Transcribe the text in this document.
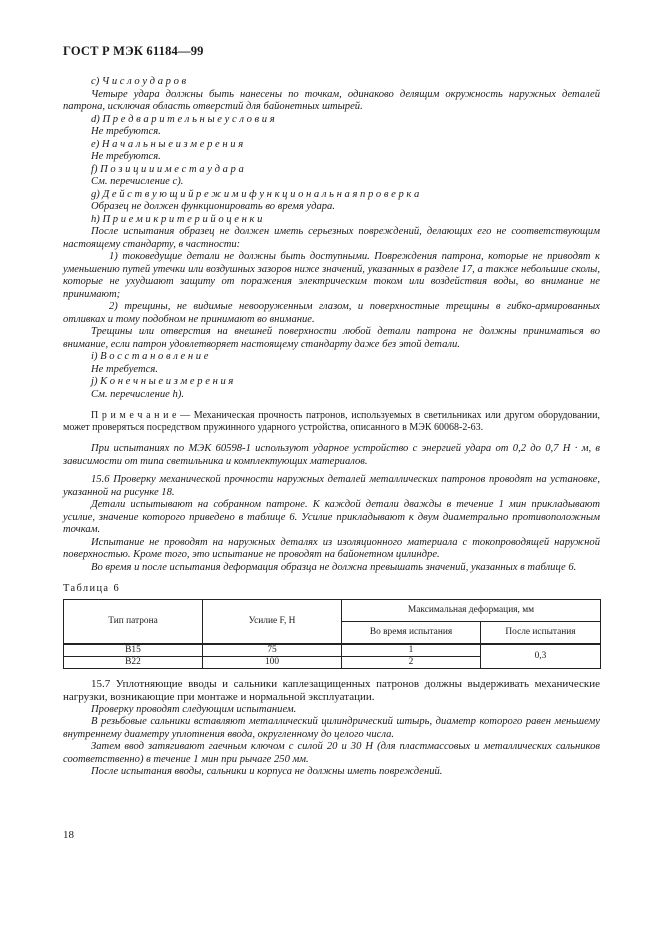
ГОСТ Р МЭК 61184—99

c) Ч и с л о у д а р о в

Четыре удара должны быть нанесены по точкам, одинаково делящим окружность наружных деталей патрона, исключая область отверстий для байонетных штырей.

d) П р е д в а р и т е л ь н ы е у с л о в и я

Не требуются.

e) Н а ч а л ь н ы е и з м е р е н и я

Не требуются.

f) П о з и ц и и и м е с т а у д а р а

См. перечисление c).

g) Д е й с т в у ю щ и й р е ж и м и ф у н к ц и о н а л ь н а я п р о в е р к а

Образец не должен функционировать во время удара.

h) П р и е м и к р и т е р и й о ц е н к и

После испытания образец не должен иметь серьезных повреждений, делающих его не соответствующим настоящему стандарту, в частности:

1) токоведущие детали не должны быть доступными. Повреждения патрона, которые не приводят к уменьшению путей утечки или воздушных зазоров ниже значений, указанных в разделе 17, а также небольшие сколы, которые не ухудшают защиту от поражения электрическим током или воздействия воды, во внимание не принимают;

2) трещины, не видимые невооруженным глазом, и поверхностные трещины в гибко-армированных отливках и тому подобном не принимают во внимание.

Трещины или отверстия на внешней поверхности любой детали патрона не должны приниматься во внимание, если патрон удовлетворяет настоящему стандарту даже без этой детали.

i) В о с с т а н о в л е н и е

Не требуется.

j) К о н е ч н ы е и з м е р е н и я

См. перечисление h).

П р и м е ч а н и е — Механическая прочность патронов, используемых в светильниках или другом оборудовании, может проверяться посредством пружинного ударного устройства, описанного в МЭК 60068-2-63.

При испытаниях по МЭК 60598-1 используют ударное устройство с энергией удара от 0,2 до 0,7 Н · м, в зависимости от типа светильника и комплектующих материалов.

15.6 Проверку механической прочности наружных деталей металлических патронов проводят на установке, указанной на рисунке 18.

Детали испытывают на собранном патроне. К каждой детали дважды в течение 1 мин прикладывают усилие, значение которого приведено в таблице 6. Усилие прикладывают к двум диаметрально противоположным точкам.

Испытание не проводят на наружных деталях из изоляционного материала с токопроводящей наружной поверхностью. Кроме того, это испытание не проводят на байонетном цилиндре.

Во время и после испытания деформация образца не должна превышать значений, указанных в таблице 6.

Таблица 6

Тип патрона	Усилие F, Н	Максимальная деформация, мм	
		Во время испытания	После испытания
B15	75	1	0,3
B22	100	2	

15.7 Уплотняющие вводы и сальники каплезащищенных патронов должны выдерживать механические нагрузки, возникающие при монтаже и нормальной эксплуатации.

Проверку проводят следующим испытанием.

В резьбовые сальники вставляют металлический цилиндрический штырь, диаметр которого равен меньшему внутреннему диаметру уплотнения ввода, округленному до целого числа.

Затем ввод затягивают гаечным ключом с силой 20 и 30 Н (для пластмассовых и металлических сальников соответственно) в течение 1 мин при рычаге 250 мм.

После испытания вводы, сальники и корпуса не должны иметь повреждений.

18
